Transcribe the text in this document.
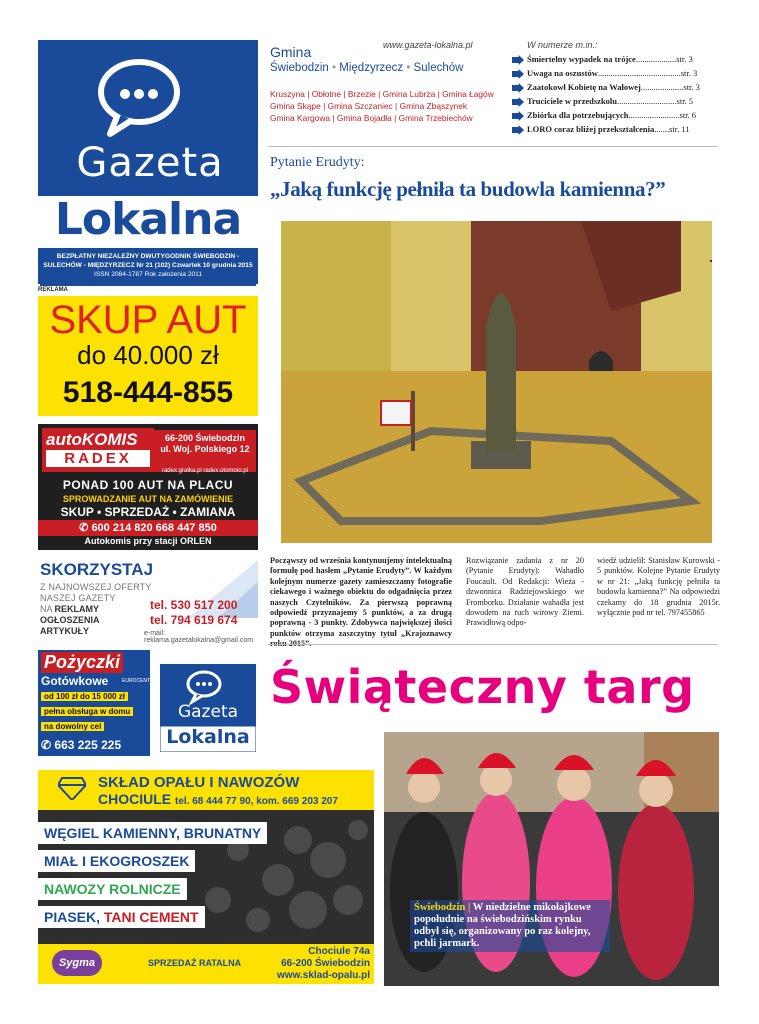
Gazeta
Lokalna
BEZPŁATNY NIEZALEŻNY DWUTYGODNIK ŚWIEBODZIN -
SULECHÓW - MIĘDZYRZECZ Nr 21 (102) Czwartek 10 grudnia 2015
ISSN 2084-1787 Rok założenia 2011
REKLAMA
SKUP AUT
do 40.000 zł
518-444-855
autoKOMIS
RADEX
66-200 Świebodzin
ul. Woj. Polskiego 12
radex.gratka.pl radex.otomoto.pl
PONAD 100 AUT NA PLACU
SPROWADZANIE AUT NA ZAMÓWIENIE
SKUP • SPRZEDAŻ • ZAMIANA
✆ 600 214 820 668 447 850
Autokomis przy stacji ORLEN
SKORZYSTAJ
Z NAJNOWSZEJ OFERTY
NASZEJ GAZETY
NA REKLAMY
OGŁOSZENIA
ARTYKUŁY
tel. 530 517 200
tel. 794 619 674
e-mail: reklama.gazetalokalna@gmail.com
Pożyczki
Gotówkowe	EUROCENT
od 100 zł do 15 000 zł
pełna obsługa w domu
na dowolny cel
✆ 663 225 225
Gazeta
Lokalna
SKŁAD OPAŁU I NAWOZÓW
CHOCIULE tel. 68 444 77 90, kom. 669 203 207
WĘGIEL KAMIENNY, BRUNATNY
MIAŁ I EKOGROSZEK
NAWOZY ROLNICZE
PIASEK, TANI CEMENT
Sygma	SPRZEDAŻ RATALNA
Chociule 74a
66-200 Świebodzin
www.sklad-opalu.pl
Gmina	www.gazeta-lokalna.pl
Świebodzin • Międzyrzecz • Sulechów
Kruszyna | Obłotne | Brzezie | Gmina Lubrza | Gmina Łagów
Gmina Skąpe | Gmina Szczaniec | Gmina Zbąszynek
Gmina Kargowa | Gmina Bojadła | Gmina Trzebiechów
W numerze m.in.:
Śmiertelny wypadek na trójce...................str. 3
Uwaga na oszustów.......................................str. 3
Zaatokowł Kobietę na Wałowej....................str. 3
Truciciele w przedszkolu............................str. 5
Zbiórka dla potrzebujących........................str. 6
LORO coraz bliżej przekształcenia.......str. 11
Pytanie Erudyty:
„Jaką funkcję pełniła ta budowla kamienna?”
Począwszy od września kontynuujemy intelektualną formułę pod hasłem „Pytanie Erudyty”. W każdym kolejnym numerze gazety zamieszczamy fotografie ciekawego i ważnego obiektu do odgadnięcia przez naszych Czytelników. Za pierwszą poprawną odpowiedź przyznajemy 5 punktów, a za drugą poprawną - 3 punkty. Zdobywca największej ilości punktów otrzyma zaszczytny tytuł „Krajoznawcy
Rozwiązanie zadania z nr 20 (Pytanie Erudyty): Wahadło Foucault. Od Redakcji: Wieża -dzwonnica Radziejowskiego we Fromborku. Działanie wahadła jest dowodem na ruch wirowy Ziemi. Prawidłową odpo-
wiedź udzielił: Stanisław Kurowski - 5 punktów. Kolejne Pytanie Erudyty w nr 21: „Jaką funkcję pełniła ta budowla kamienna?” Na odpowiedzi czekamy do 18 grudnia 2015r. wyłącznie pod nr tel. 797455865
Świąteczny targ
Świebodzin | W niedzielne mikołajkowe popołudnie na świebodzińskim rynku odbył się, organizowany po raz kolejny, pchli jarmark.
